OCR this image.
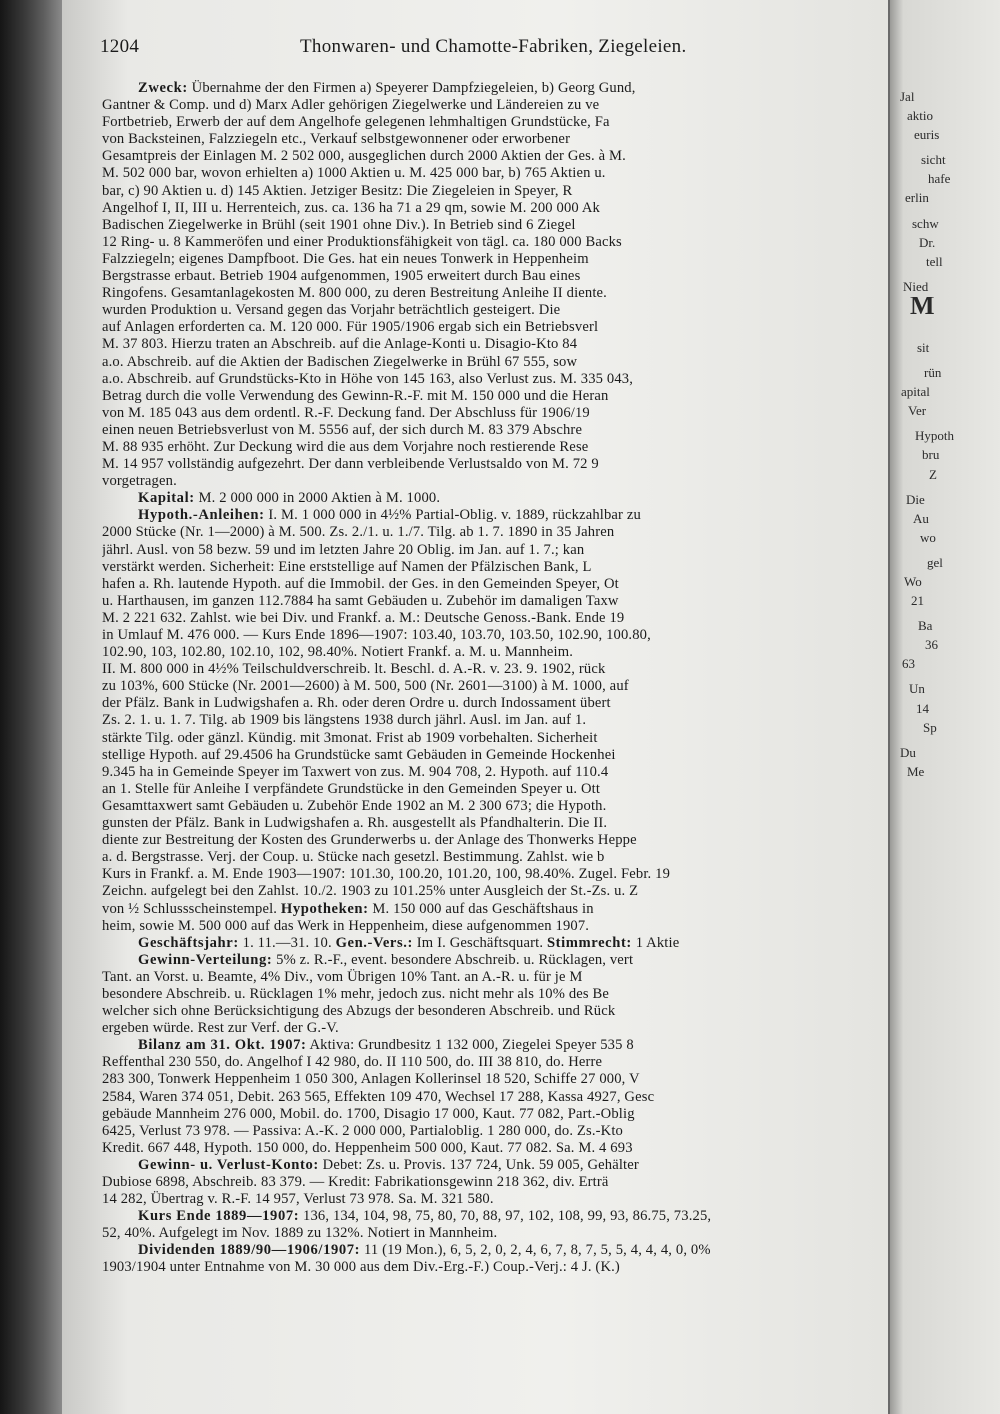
1204	Thonwaren- und Chamotte-Fabriken, Ziegeleien.
Zweck: Übernahme der den Firmen a) Speyerer Dampfziegeleien, b) Georg Gund,
Gantner & Comp. und d) Marx Adler gehörigen Ziegelwerke und Ländereien zu ve
Fortbetrieb, Erwerb der auf dem Angelhofe gelegenen lehmhaltigen Grundstücke, Fa
von Backsteinen, Falzziegeln etc., Verkauf selbstgewonnener oder erworbener
Gesamtpreis der Einlagen M. 2 502 000, ausgeglichen durch 2000 Aktien der Ges. à M.
M. 502 000 bar, wovon erhielten a) 1000 Aktien u. M. 425 000 bar, b) 765 Aktien u.
bar, c) 90 Aktien u. d) 145 Aktien. Jetziger Besitz: Die Ziegeleien in Speyer, R
Angelhof I, II, III u. Herrenteich, zus. ca. 136 ha 71 a 29 qm, sowie M. 200 000 Ak
Badischen Ziegelwerke in Brühl (seit 1901 ohne Div.). In Betrieb sind 6 Ziegel
12 Ring- u. 8 Kammeröfen und einer Produktionsfähigkeit von tägl. ca. 180 000 Backs
Falzziegeln; eigenes Dampfboot. Die Ges. hat ein neues Tonwerk in Heppenheim
Bergstrasse erbaut. Betrieb 1904 aufgenommen, 1905 erweitert durch Bau eines
Ringofens. Gesamtanlagekosten M. 800 000, zu deren Bestreitung Anleihe II diente.
wurden Produktion u. Versand gegen das Vorjahr beträchtlich gesteigert. Die
auf Anlagen erforderten ca. M. 120 000. Für 1905/1906 ergab sich ein Betriebsverl
M. 37 803. Hierzu traten an Abschreib. auf die Anlage-Konti u. Disagio-Kto 84
a.o. Abschreib. auf die Aktien der Badischen Ziegelwerke in Brühl 67 555, sow
a.o. Abschreib. auf Grundstücks-Kto in Höhe von 145 163, also Verlust zus. M. 335 043,
Betrag durch die volle Verwendung des Gewinn-R.-F. mit M. 150 000 und die Heran
von M. 185 043 aus dem ordentl. R.-F. Deckung fand. Der Abschluss für 1906/19
einen neuen Betriebsverlust von M. 5556 auf, der sich durch M. 83 379 Abschre
M. 88 935 erhöht. Zur Deckung wird die aus dem Vorjahre noch restierende Rese
M. 14 957 vollständig aufgezehrt. Der dann verbleibende Verlustsaldo von M. 72 9
vorgetragen.
Kapital: M. 2 000 000 in 2000 Aktien à M. 1000.
Hypoth.-Anleihen: I. M. 1 000 000 in 4½% Partial-Oblig. v. 1889, rückzahlbar zu
2000 Stücke (Nr. 1—2000) à M. 500. Zs. 2./1. u. 1./7. Tilg. ab 1. 7. 1890 in 35 Jahren
jährl. Ausl. von 58 bezw. 59 und im letzten Jahre 20 Oblig. im Jan. auf 1. 7.; kan
verstärkt werden. Sicherheit: Eine erststellige auf Namen der Pfälzischen Bank, L
hafen a. Rh. lautende Hypoth. auf die Immobil. der Ges. in den Gemeinden Speyer, Ot
u. Harthausen, im ganzen 112.7884 ha samt Gebäuden u. Zubehör im damaligen Taxw
M. 2 221 632. Zahlst. wie bei Div. und Frankf. a. M.: Deutsche Genoss.-Bank. Ende 19
in Umlauf M. 476 000. — Kurs Ende 1896—1907: 103.40, 103.70, 103.50, 102.90, 100.80,
102.90, 103, 102.80, 102.10, 102, 98.40%. Notiert Frankf. a. M. u. Mannheim.
II. M. 800 000 in 4½% Teilschuldverschreib. lt. Beschl. d. A.-R. v. 23. 9. 1902, rück
zu 103%, 600 Stücke (Nr. 2001—2600) à M. 500, 500 (Nr. 2601—3100) à M. 1000, auf
der Pfälz. Bank in Ludwigshafen a. Rh. oder deren Ordre u. durch Indossament übert
Zs. 2. 1. u. 1. 7. Tilg. ab 1909 bis längstens 1938 durch jährl. Ausl. im Jan. auf 1.
stärkte Tilg. oder gänzl. Kündig. mit 3monat. Frist ab 1909 vorbehalten. Sicherheit
stellige Hypoth. auf 29.4506 ha Grundstücke samt Gebäuden in Gemeinde Hockenhei
9.345 ha in Gemeinde Speyer im Taxwert von zus. M. 904 708, 2. Hypoth. auf 110.4
an 1. Stelle für Anleihe I verpfändete Grundstücke in den Gemeinden Speyer u. Ott
Gesamttaxwert samt Gebäuden u. Zubehör Ende 1902 an M. 2 300 673; die Hypoth.
gunsten der Pfälz. Bank in Ludwigshafen a. Rh. ausgestellt als Pfandhalterin. Die II.
diente zur Bestreitung der Kosten des Grunderwerbs u. der Anlage des Thonwerks Heppe
a. d. Bergstrasse. Verj. der Coup. u. Stücke nach gesetzl. Bestimmung. Zahlst. wie b
Kurs in Frankf. a. M. Ende 1903—1907: 101.30, 100.20, 101.20, 100, 98.40%. Zugel. Febr. 19
Zeichn. aufgelegt bei den Zahlst. 10./2. 1903 zu 101.25% unter Ausgleich der St.-Zs. u. Z
von ½ Schlussscheinstempel. Hypotheken: M. 150 000 auf das Geschäftshaus in
heim, sowie M. 500 000 auf das Werk in Heppenheim, diese aufgenommen 1907.
Geschäftsjahr: 1. 11.—31. 10. Gen.-Vers.: Im I. Geschäftsquart. Stimmrecht: 1 Aktie
Gewinn-Verteilung: 5% z. R.-F., event. besondere Abschreib. u. Rücklagen, vert
Tant. an Vorst. u. Beamte, 4% Div., vom Übrigen 10% Tant. an A.-R. u. für je M
besondere Abschreib. u. Rücklagen 1% mehr, jedoch zus. nicht mehr als 10% des Be
welcher sich ohne Berücksichtigung des Abzugs der besonderen Abschreib. und Rück
ergeben würde. Rest zur Verf. der G.-V.
Bilanz am 31. Okt. 1907: Aktiva: Grundbesitz 1 132 000, Ziegelei Speyer 535 8
Reffenthal 230 550, do. Angelhof I 42 980, do. II 110 500, do. III 38 810, do. Herre
283 300, Tonwerk Heppenheim 1 050 300, Anlagen Kollerinsel 18 520, Schiffe 27 000, V
2584, Waren 374 051, Debit. 263 565, Effekten 109 470, Wechsel 17 288, Kassa 4927, Gesc
gebäude Mannheim 276 000, Mobil. do. 1700, Disagio 17 000, Kaut. 77 082, Part.-Oblig
6425, Verlust 73 978. — Passiva: A.-K. 2 000 000, Partialoblig. 1 280 000, do. Zs.-Kto
Kredit. 667 448, Hypoth. 150 000, do. Heppenheim 500 000, Kaut. 77 082. Sa. M. 4 693
Gewinn- u. Verlust-Konto: Debet: Zs. u. Provis. 137 724, Unk. 59 005, Gehälter
Dubiose 6898, Abschreib. 83 379. — Kredit: Fabrikationsgewinn 218 362, div. Erträ
14 282, Übertrag v. R.-F. 14 957, Verlust 73 978. Sa. M. 321 580.
Kurs Ende 1889—1907: 136, 134, 104, 98, 75, 80, 70, 88, 97, 102, 108, 99, 93, 86.75, 73.25,
52, 40%. Aufgelegt im Nov. 1889 zu 132%. Notiert in Mannheim.
Dividenden 1889/90—1906/1907: 11 (19 Mon.), 6, 5, 2, 0, 2, 4, 6, 7, 8, 7, 5, 5, 4, 4, 4, 0, 0%
1903/1904 unter Entnahme von M. 30 000 aus dem Div.-Erg.-F.) Coup.-Verj.: 4 J. (K.)
Jal
aktio
euris
sicht
hafe
erlin
schw
Dr.
tell
Nied
M
sit
rün
apital
Ver
Hypoth
bru
Z
Die
Au
wo
gel
Wo
21
Ba
36
63
Un
14
Sp
Du
Me
